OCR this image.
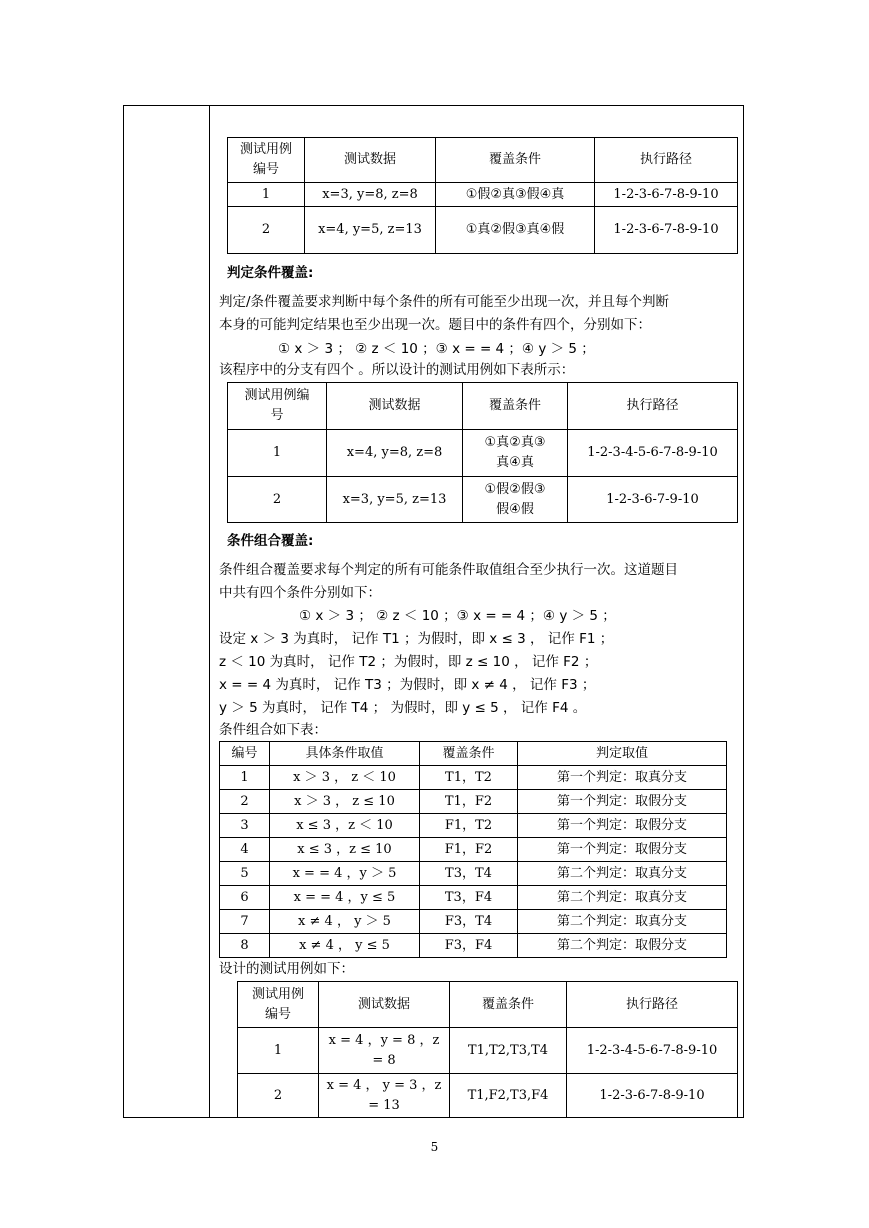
测试用例
编号	测试数据	覆盖条件	执行路径
1	x=3, y=8, z=8	①假②真③假④真	1-2-3-6-7-8-9-10
2	x=4, y=5, z=13	①真②假③真④假	1-2-3-6-7-8-9-10
判定条件覆盖:
判定/条件覆盖要求判断中每个条件的所有可能至少出现一次，并且每个判断
本身的可能判定结果也至少出现一次。题目中的条件有四个，分别如下：
① x ＞ 3 ； ② z ＜ 10 ；③ x = = 4 ；④ y ＞ 5 ；
该程序中的分支有四个 。所以设计的测试用例如下表所示：
测试用例编
号	测试数据	覆盖条件	执行路径
1	x=4, y=8, z=8	①真②真③
真④真	1-2-3-4-5-6-7-8-9-10
2	x=3, y=5, z=13	①假②假③
假④假	1-2-3-6-7-9-10
条件组合覆盖:
条件组合覆盖要求每个判定的所有可能条件取值组合至少执行一次。这道题目
中共有四个条件分别如下：
① x ＞ 3 ； ② z ＜ 10 ；③ x = = 4 ；④ y ＞ 5 ；
设定 x ＞ 3 为真时， 记作 T1 ；为假时，即 x ≤ 3 ， 记作 F1 ；
z ＜ 10 为真时， 记作 T2 ；为假时，即 z ≤ 10 ， 记作 F2 ；
x = = 4 为真时， 记作 T3 ；为假时，即 x ≠ 4 ， 记作 F3 ；
y ＞ 5 为真时， 记作 T4 ； 为假时，即 y ≤ 5 ， 记作 F4 。
条件组合如下表：
编号	具体条件取值	覆盖条件	判定取值
1	x ＞ 3 ， z ＜ 10	T1，T2	第一个判定：取真分支
2	x ＞ 3 ， z ≤ 10	T1，F2	第一个判定：取假分支
3	x ≤ 3 ，z ＜ 10	F1，T2	第一个判定：取假分支
4	x ≤ 3 ，z ≤ 10	F1，F2	第一个判定：取假分支
5	x = = 4 ，y ＞ 5	T3，T4	第二个判定：取真分支
6	x = = 4 ，y ≤ 5	T3，F4	第二个判定：取真分支
7	x ≠ 4 ， y ＞ 5	F3，T4	第二个判定：取真分支
8	x ≠ 4 ， y ≤ 5	F3，F4	第二个判定：取假分支
设计的测试用例如下：
测试用例
编号	测试数据	覆盖条件	执行路径
1	x = 4 ，y = 8 ，z
= 8	T1,T2,T3,T4	1-2-3-4-5-6-7-8-9-10
2	x = 4 ， y = 3 ，z
= 13	T1,F2,T3,F4	1-2-3-6-7-8-9-10
5
